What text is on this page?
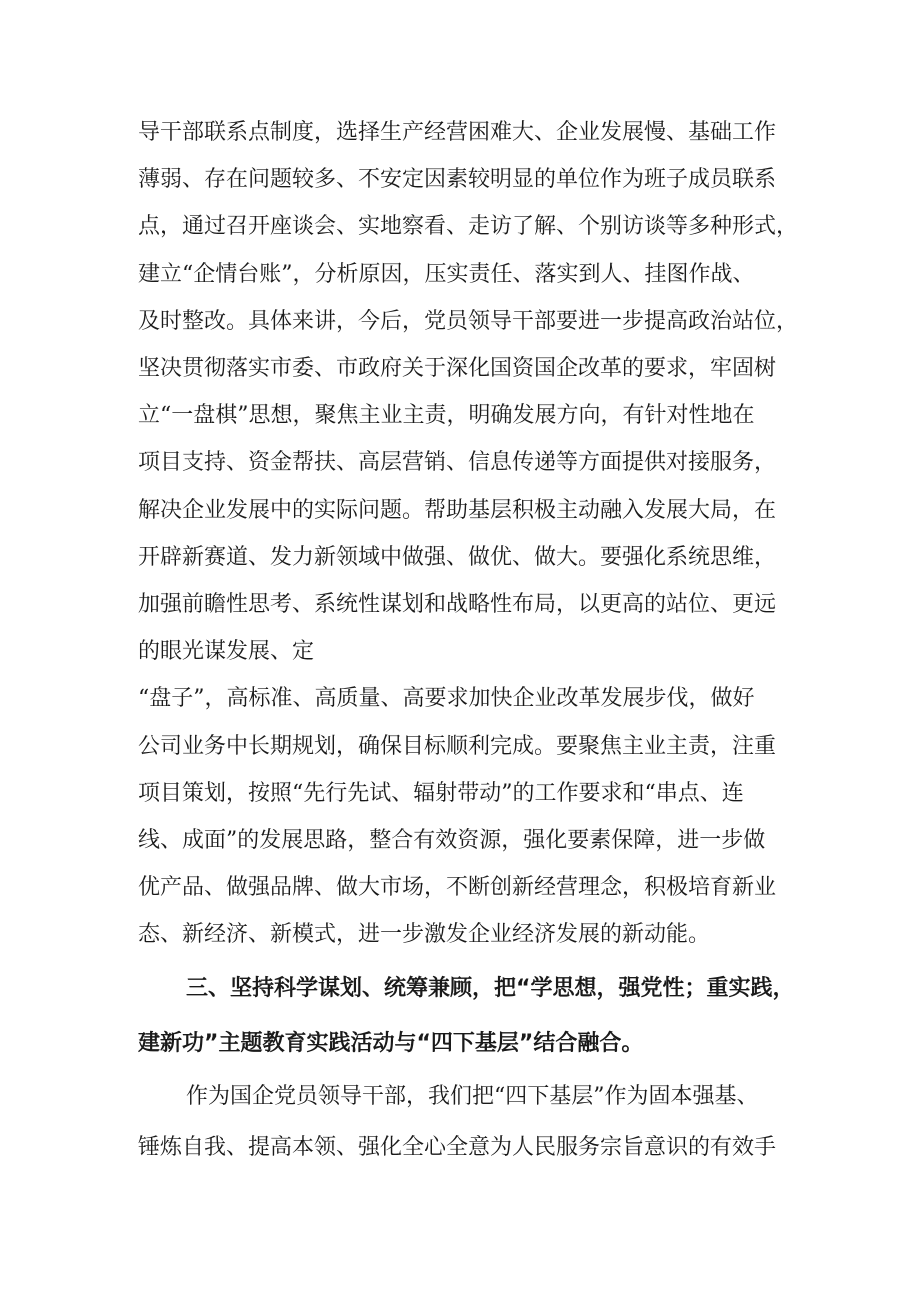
导干部联系点制度，选择生产经营困难大、企业发展慢、基础工作
薄弱、存在问题较多、不安定因素较明显的单位作为班子成员联系
点，通过召开座谈会、实地察看、走访了解、个别访谈等多种形式，
建立“企情台账”，分析原因，压实责任、落实到人、挂图作战、
及时整改。具体来讲，今后，党员领导干部要进一步提高政治站位，
坚决贯彻落实市委、市政府关于深化国资国企改革的要求，牢固树
立“一盘棋”思想，聚焦主业主责，明确发展方向，有针对性地在
项目支持、资金帮扶、高层营销、信息传递等方面提供对接服务，
解决企业发展中的实际问题。帮助基层积极主动融入发展大局，在
开辟新赛道、发力新领域中做强、做优、做大。要强化系统思维，
加强前瞻性思考、系统性谋划和战略性布局，以更高的站位、更远
的眼光谋发展、定
“盘子”，高标准、高质量、高要求加快企业改革发展步伐，做好
公司业务中长期规划，确保目标顺利完成。要聚焦主业主责，注重
项目策划，按照“先行先试、辐射带动”的工作要求和“串点、连
线、成面”的发展思路，整合有效资源，强化要素保障，进一步做
优产品、做强品牌、做大市场，不断创新经营理念，积极培育新业
态、新经济、新模式，进一步激发企业经济发展的新动能。
三、坚持科学谋划、统筹兼顾，把“学思想，强党性；重实践，
建新功”主题教育实践活动与“四下基层”结合融合。
作为国企党员领导干部，我们把“四下基层”作为固本强基、
锤炼自我、提高本领、强化全心全意为人民服务宗旨意识的有效手
